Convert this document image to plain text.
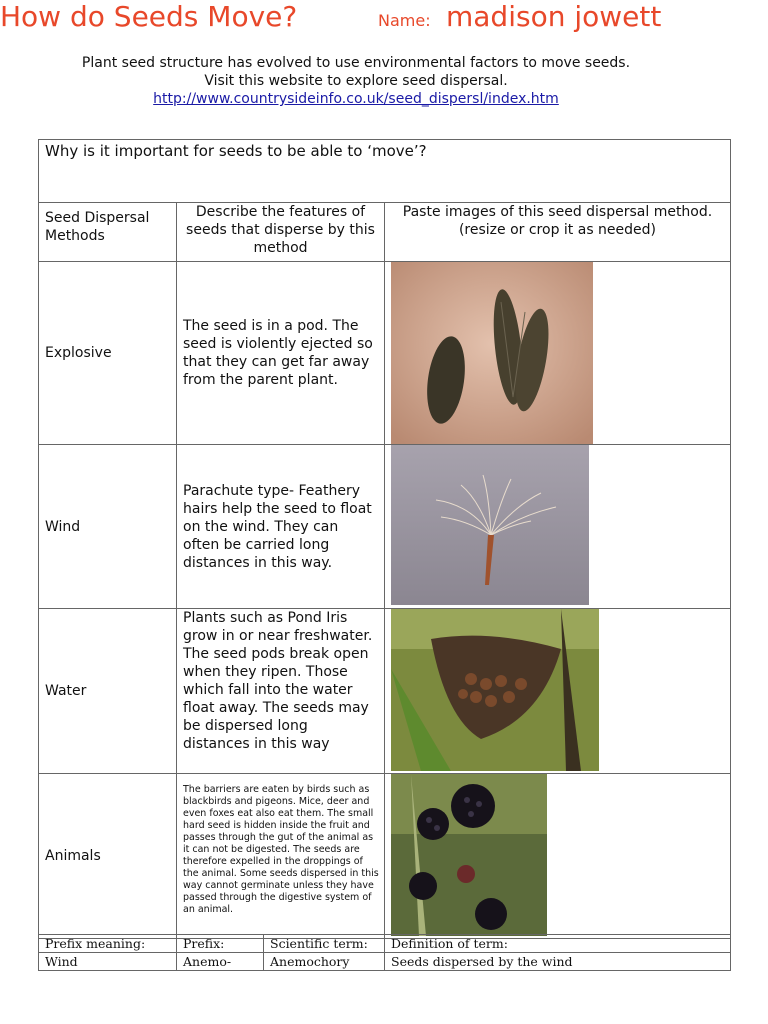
How do Seeds Move?	Name: madison jowett
Plant seed structure has evolved to use environmental factors to move seeds.
Visit this website to explore seed dispersal.
http://www.countrysideinfo.co.uk/seed_dispersl/index.htm
Why is it important for seeds to be able to ‘move’?		
Seed Dispersal Methods	Describe the features of seeds that disperse by this method	Paste images of this seed dispersal method. (resize or crop it as needed)
Explosive	The seed is in a pod. The seed is violently ejected so that they can get far away from the parent plant.	

Wind	Parachute type- Feathery hairs help the seed to float on the wind. They can often be carried long distances in this way.	

Water	Plants such as Pond Iris grow in or near freshwater. The seed pods break open when they ripen. Those which fall into the water float away. The seeds may be dispersed long distances in this way	

Animals	The barriers are eaten by birds such as blackbirds and pigeons. Mice, deer and even foxes eat also eat them. The small hard seed is hidden inside the fruit and passes through the gut of the animal as it can not be digested. The seeds are therefore expelled in the droppings of the animal. Some seeds dispersed in this way cannot germinate unless they have passed through the digestive system of an animal.	
Prefix meaning:	Prefix:	Scientific term:	Definition of term:
Wind	Anemo-	Anemochory	Seeds dispersed by the wind
